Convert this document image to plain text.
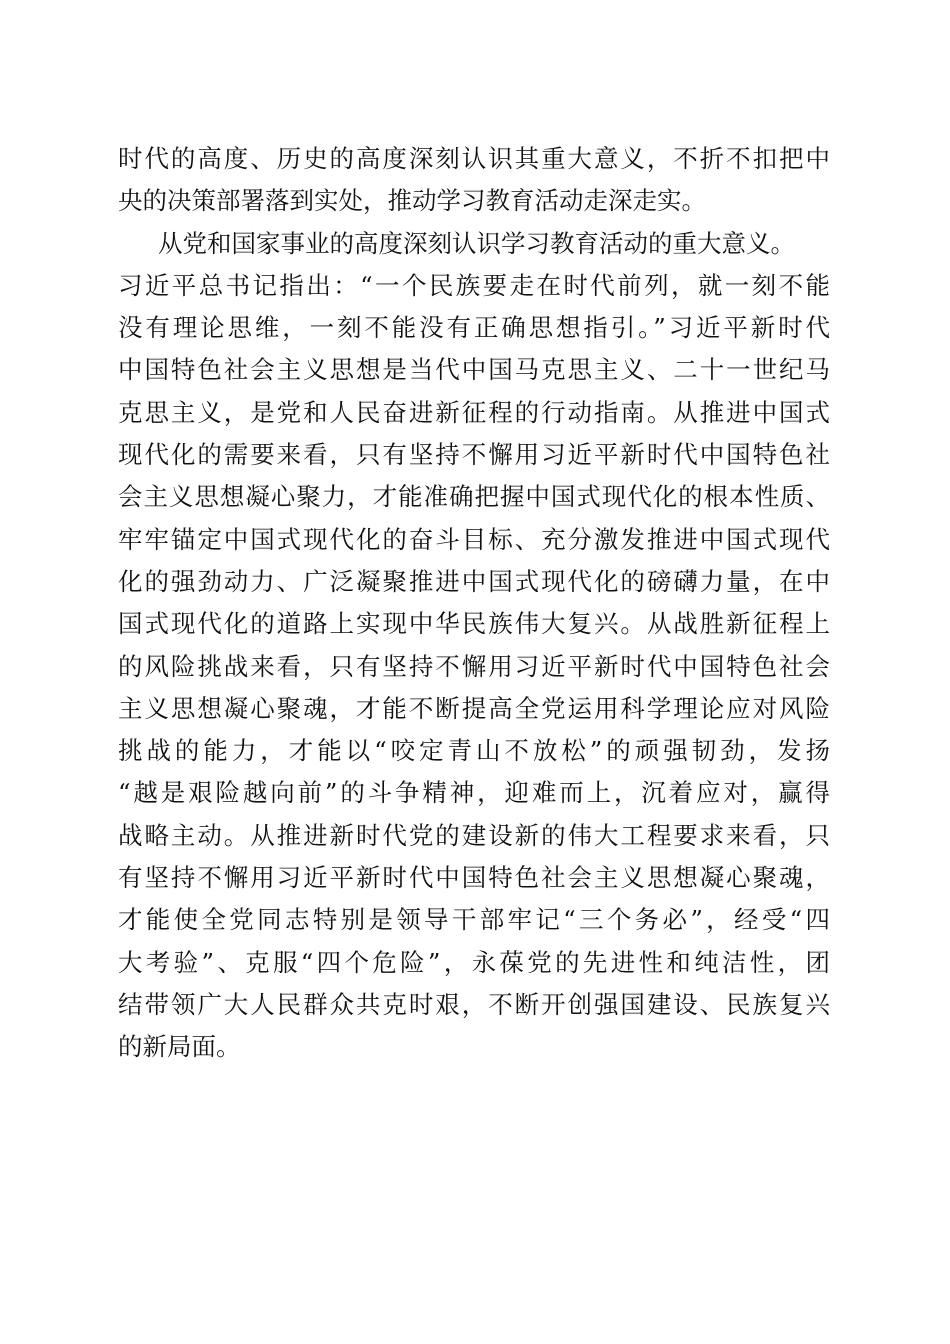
时代的高度、历史的高度深刻认识其重大意义，不折不扣把中
央的决策部署落到实处，推动学习教育活动走深走实。
从党和国家事业的高度深刻认识学习教育活动的重大意义。
习近平总书记指出：“一个民族要走在时代前列，就一刻不能
没有理论思维，一刻不能没有正确思想指引。”习近平新时代
中国特色社会主义思想是当代中国马克思主义、二十一世纪马
克思主义，是党和人民奋进新征程的行动指南。从推进中国式
现代化的需要来看，只有坚持不懈用习近平新时代中国特色社
会主义思想凝心聚力，才能准确把握中国式现代化的根本性质、
牢牢锚定中国式现代化的奋斗目标、充分激发推进中国式现代
化的强劲动力、广泛凝聚推进中国式现代化的磅礴力量，在中
国式现代化的道路上实现中华民族伟大复兴。从战胜新征程上
的风险挑战来看，只有坚持不懈用习近平新时代中国特色社会
主义思想凝心聚魂，才能不断提高全党运用科学理论应对风险
挑战的能力，才能以“咬定青山不放松”的顽强韧劲，发扬
“越是艰险越向前”的斗争精神，迎难而上，沉着应对，赢得
战略主动。从推进新时代党的建设新的伟大工程要求来看，只
有坚持不懈用习近平新时代中国特色社会主义思想凝心聚魂，
才能使全党同志特别是领导干部牢记“三个务必”，经受“四
大考验”、克服“四个危险”，永葆党的先进性和纯洁性，团
结带领广大人民群众共克时艰，不断开创强国建设、民族复兴
的新局面。
